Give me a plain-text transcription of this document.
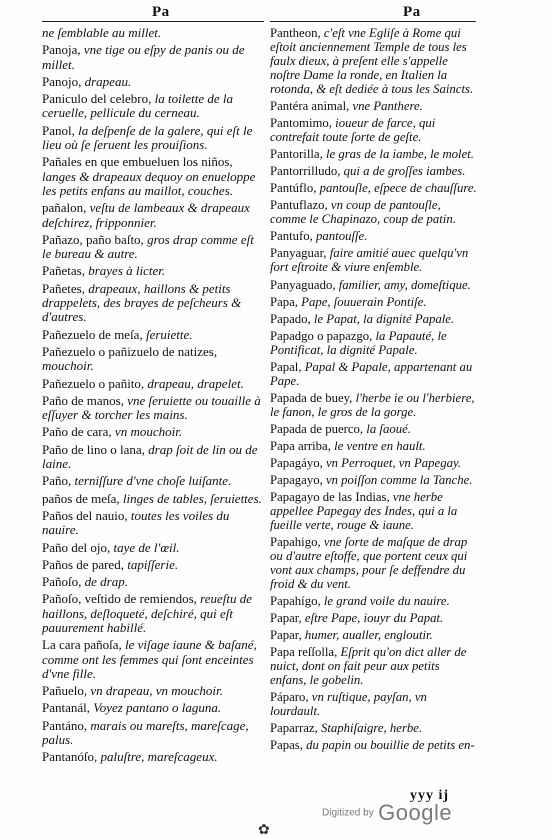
Pa	Pa

ne ſemblable au millet.

Panoja, vne tige ou eſpy de panis ou de millet.

Panojo, drapeau.

Paniculo del celebro, la toilette de la ceruelle, pellicule du cerneau.

Panol, la deſpenſe de la galere, qui eſt le lieu où ſe ſeruent les prouiſions.

Pañales en que embueluen los niños, langes & drapeaux dequoy on enueloppe les petits enfans au maillot, couches.

pañalon, veſtu de lambeaux & drapeaux deſchirez, fripponnier.

Pañazo, paño baſto, gros drap comme eſt le bureau & autre.

Pañetas, brayes à licter.

Pañetes, drapeaux, haillons & petits drappelets, des brayes de peſcheurs & d'autres.

Pañezuelo de meſa, ſeruiette.

Pañezuelo o pañizuelo de natizes, mouchoir.

Pañezuelo o pañito, drapeau, drapelet.

Paño de manos, vne ſeruiette ou touaille à eſſuyer & torcher les mains.

Paño de cara, vn mouchoir.

Paño de lino o lana, drap ſoit de lin ou de laine.

Paño, terniſſure d'vne choſe luiſante.

paños de meſa, linges de tables, ſeruiettes.

Paños del nauio, toutes les voiles du nauire.

Paño del ojo, taye de l'œil.

Paños de pared, tapiſſerie.

Pañoſo, de drap.

Pañoſo, veſtido de remiendos, reueſtu de haillons, deſloqueté, deſchiré, qui eſt pauurement habillé.

La cara pañoſa, le viſage iaune & baſané, comme ont les femmes qui ſont enceintes d'vne fille.

Pañuelo, vn drapeau, vn mouchoir.

Pantanál, Voyez pantano o laguna.

Pantáno, marais ou mareſts, mareſcage, palus.

Pantanóſo, paluſtre, mareſcageux.

Pantheon, c'eſt vne Egliſe à Rome qui eſtoit anciennement Temple de tous les faulx dieux, à preſent elle s'appelle noſtre Dame la ronde, en Italien la rotonda, & eſt dediée à tous les Saincts.

Pantéra animal, vne Panthere.

Pantomimo, ioueur de farce, qui contrefait toute ſorte de geſte.

Pantorilla, le gras de la iambe, le molet.

Pantorrilludo, qui a de groſſes iambes.

Pantúflo, pantouſle, eſpece de chauſſure.

Pantuflazo, vn coup de pantouſle, comme le Chapinazo, coup de patin.

Pantufo, pantouſſe.

Panyaguar, faire amitié auec quelqu'vn fort eſtroite & viure enſemble.

Panyaguado, familier, amy, domeſtique.

Papa, Pape, ſouuerain Pontiſe.

Papado, le Papat, la dignité Papale.

Papadgo o papazgo, la Papauté, le Pontificat, la dignité Papale.

Papal, Papal & Papale, appartenant au Pape.

Papada de buey, l'herbe ie ou l'herbiere, le fanon, le gros de la gorge.

Papada de puerco, la ſaoué.

Papa arriba, le ventre en hault.

Papagáyo, vn Perroquet, vn Papegay.

Papagayo, vn poiſſon comme la Tanche.

Papagayo de las Indias, vne herbe appellee Papegay des Indes, qui a la fueille verte, rouge & iaune.

Papahigo, vne ſorte de maſque de drap ou d'autre eſtoffe, que portent ceux qui vont aux champs, pour ſe deffendre du froid & du vent.

Papahígo, le grand voile du nauire.

Papar, eſtre Pape, iouyr du Papat.

Papar, humer, aualler, engloutir.

Papa reſſolla, Eſprit qu'on dict aller de nuict, dont on fait peur aux petits enfans, le gobelin.

Páparo, vn ruſtique, payſan, vn lourdault.

Paparraz, Staphiſaigre, herbe.

Papas, du papin ou bouillie de petits en-

yyy ij
Digitized by Google
✿
